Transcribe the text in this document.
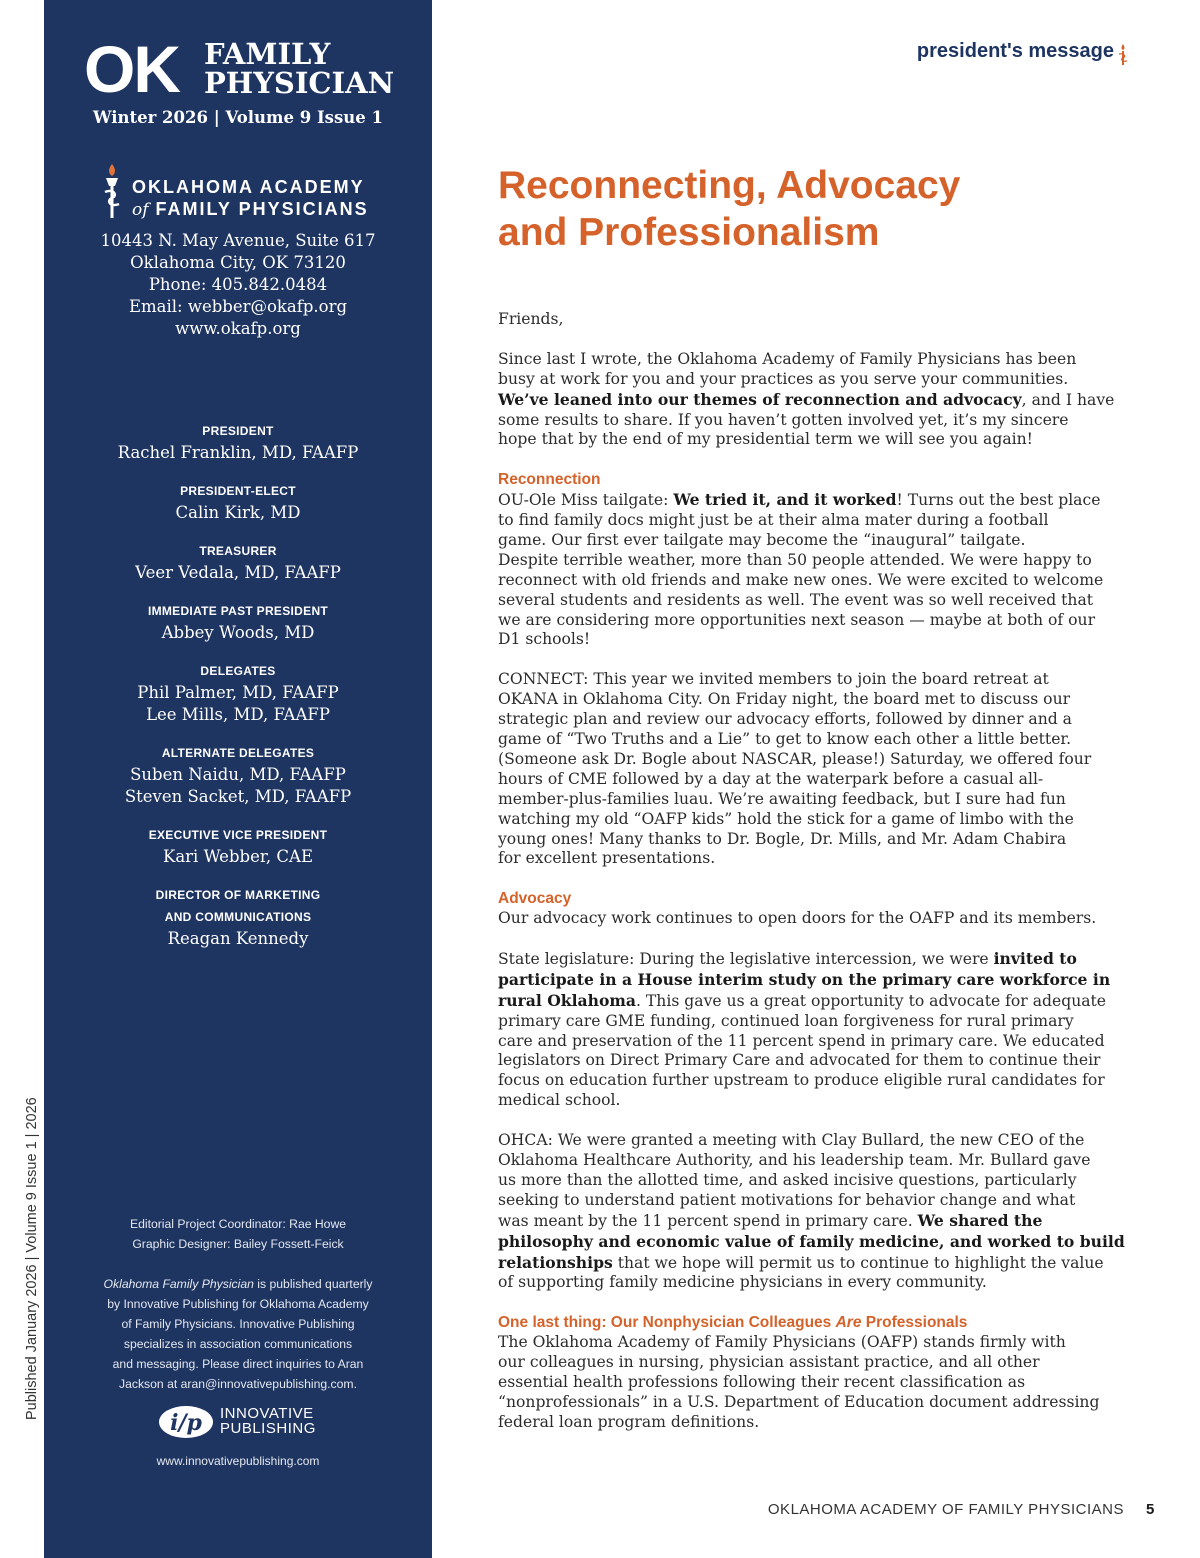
Published January 2026 | Volume 9 Issue 1 | 2026
OK FAMILY
PHYSICIAN
Winter 2026 | Volume 9 Issue 1
OKLAHOMA ACADEMY
of FAMILY PHYSICIANS
10443 N. May Avenue, Suite 617
Oklahoma City, OK 73120
Phone: 405.842.0484
Email: webber@okafp.org
www.okafp.org
PRESIDENT
Rachel Franklin, MD, FAAFP
PRESIDENT-ELECT
Calin Kirk, MD
TREASURER
Veer Vedala, MD, FAAFP
IMMEDIATE PAST PRESIDENT
Abbey Woods, MD
DELEGATES
Phil Palmer, MD, FAAFP
Lee Mills, MD, FAAFP
ALTERNATE DELEGATES
Suben Naidu, MD, FAAFP
Steven Sacket, MD, FAAFP
EXECUTIVE VICE PRESIDENT
Kari Webber, CAE
DIRECTOR OF MARKETING
AND COMMUNICATIONS
Reagan Kennedy

Editorial Project Coordinator: Rae Howe

Graphic Designer: Bailey Fossett-Feick

Oklahoma Family Physician is published quarterly

by Innovative Publishing for Oklahoma Academy

of Family Physicians. Innovative Publishing

specializes in association communications

and messaging. Please direct inquiries to Aran

Jackson at aran@innovativepublishing.com.

i/p INNOVATIVE
PUBLISHING
www.innovativepublishing.com
president's message
Reconnecting, Advocacy
and Professionalism

Friends,

Since last I wrote, the Oklahoma Academy of Family Physicians has been

busy at work for you and your practices as you serve your communities.

We’ve leaned into our themes of reconnection and advocacy, and I have

some results to share. If you haven’t gotten involved yet, it’s my sincere

hope that by the end of my presidential term we will see you again!

Reconnection

OU-Ole Miss tailgate: We tried it, and it worked! Turns out the best place

to find family docs might just be at their alma mater during a football

game. Our first ever tailgate may become the “inaugural” tailgate.

Despite terrible weather, more than 50 people attended. We were happy to

reconnect with old friends and make new ones. We were excited to welcome

several students and residents as well. The event was so well received that

we are considering more opportunities next season — maybe at both of our

D1 schools!

CONNECT: This year we invited members to join the board retreat at

OKANA in Oklahoma City. On Friday night, the board met to discuss our

strategic plan and review our advocacy efforts, followed by dinner and a

game of “Two Truths and a Lie” to get to know each other a little better.

(Someone ask Dr. Bogle about NASCAR, please!) Saturday, we offered four

hours of CME followed by a day at the waterpark before a casual all-

member-plus-families luau. We’re awaiting feedback, but I sure had fun

watching my old “OAFP kids” hold the stick for a game of limbo with the

young ones! Many thanks to Dr. Bogle, Dr. Mills, and Mr. Adam Chabira

for excellent presentations.

Advocacy

Our advocacy work continues to open doors for the OAFP and its members.

State legislature: During the legislative intercession, we were invited to

participate in a House interim study on the primary care workforce in

rural Oklahoma. This gave us a great opportunity to advocate for adequate

primary care GME funding, continued loan forgiveness for rural primary

care and preservation of the 11 percent spend in primary care. We educated

legislators on Direct Primary Care and advocated for them to continue their

focus on education further upstream to produce eligible rural candidates for

medical school.

OHCA: We were granted a meeting with Clay Bullard, the new CEO of the

Oklahoma Healthcare Authority, and his leadership team. Mr. Bullard gave

us more than the allotted time, and asked incisive questions, particularly

seeking to understand patient motivations for behavior change and what

was meant by the 11 percent spend in primary care. We shared the

philosophy and economic value of family medicine, and worked to build

relationships that we hope will permit us to continue to highlight the value

of supporting family medicine physicians in every community.

One last thing: Our Nonphysician Colleagues Are Professionals

The Oklahoma Academy of Family Physicians (OAFP) stands firmly with

our colleagues in nursing, physician assistant practice, and all other

essential health professions following their recent classification as

“nonprofessionals” in a U.S. Department of Education document addressing

federal loan program definitions.

OKLAHOMA ACADEMY OF FAMILY PHYSICIANS 5
